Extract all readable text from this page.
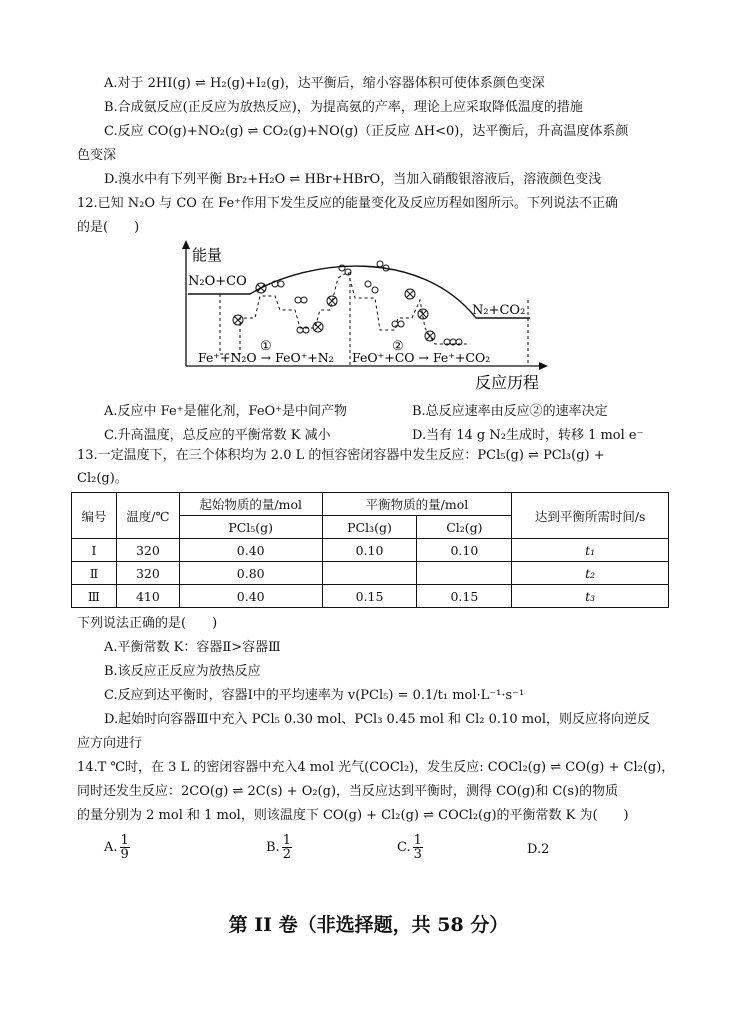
A.对于 2HI(g) ⇌ H₂(g)+I₂(g)，达平衡后，缩小容器体积可使体系颜色变深
B.合成氨反应(正反应为放热反应)，为提高氨的产率，理论上应采取降低温度的措施
C.反应 CO(g)+NO₂(g) ⇌ CO₂(g)+NO(g)（正反应 ΔH<0)，达平衡后，升高温度体系颜
色变深
D.溴水中有下列平衡 Br₂+H₂O ⇌ HBr+HBrO，当加入硝酸银溶液后，溶液颜色变浅
12.已知 N₂O 与 CO 在 Fe⁺作用下发生反应的能量变化及反应历程如图所示。下列说法不正确
的是(　　)
能量
反应历程
N₂O+CO
N₂+CO₂
Fe⁺+N₂O → FeO⁺+N₂ FeO⁺+CO → Fe⁺+CO₂
①	②
A.反应中 Fe⁺是催化剂，FeO⁺是中间产物	B.总反应速率由反应②的速率决定
C.升高温度，总反应的平衡常数 K 减小	D.当有 14 g N₂生成时，转移 1 mol e⁻
13.一定温度下，在三个体积均为 2.0 L 的恒容密闭容器中发生反应：PCl₅(g) ⇌ PCl₃(g) +
Cl₂(g)。
编号	温度/℃	起始物质的量/mol	平衡物质的量/mol		达到平衡所需时间/s
		PCl₅(g)	PCl₃(g)	Cl₂(g)	
Ⅰ	320	0.40	0.10	0.10	t₁
Ⅱ	320	0.80			t₂
Ⅲ	410	0.40	0.15	0.15	t₃
下列说法正确的是(　　)
A.平衡常数 K：容器Ⅱ>容器Ⅲ
B.该反应正反应为放热反应
C.反应到达平衡时，容器Ⅰ中的平均速率为 v(PCl₅) = 0.1/t₁ mol·L⁻¹·s⁻¹
D.起始时向容器Ⅲ中充入 PCl₅ 0.30 mol、PCl₃ 0.45 mol 和 Cl₂ 0.10 mol，则反应将向逆反
应方向进行
14.T ℃时，在 3 L 的密闭容器中充入4 mol 光气(COCl₂)，发生反应: COCl₂(g) ⇌ CO(g) + Cl₂(g)，
同时还发生反应：2CO(g) ⇌ 2C(s) + O₂(g)，当反应达到平衡时，测得 CO(g)和 C(s)的物质
的量分别为 2 mol 和 1 mol，则该温度下 CO(g) + Cl₂(g) ⇌ COCl₂(g)的平衡常数 K 为(　　)
A. $\frac{1}{9}$	B. $\frac{1}{2}$	C. $\frac{1}{3}$	D.2
第 II 卷（非选择题，共 58 分）
